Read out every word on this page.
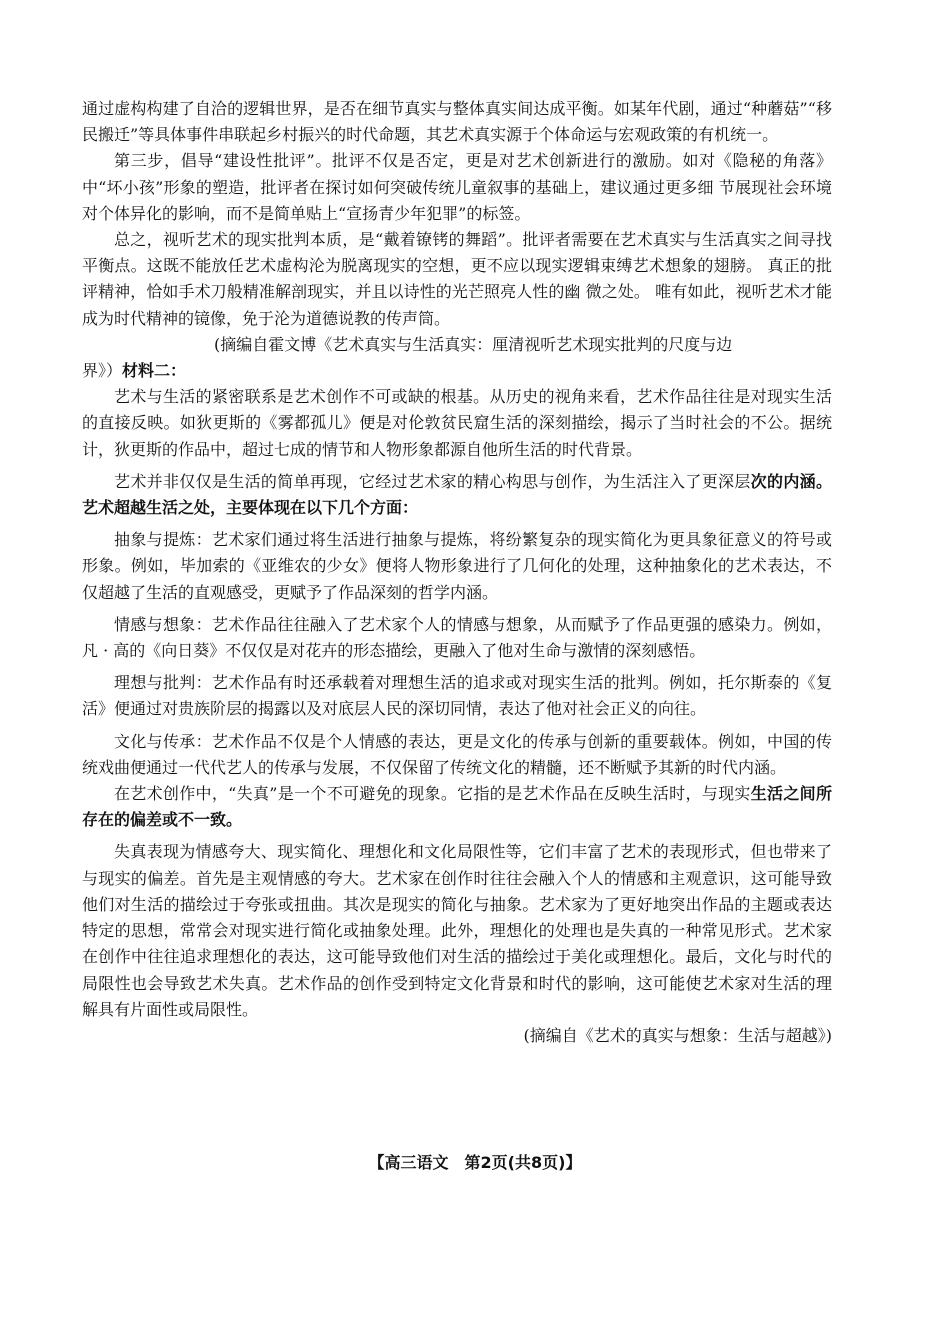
通过虚构构建了自洽的逻辑世界，是否在细节真实与整体真实间达成平衡。如某年代剧，通过“种蘑菇”“移民搬迁”等具体事件串联起乡村振兴的时代命题，其艺术真实源于个体命运与宏观政策的有机统一。

第三步，倡导“建设性批评”。批评不仅是否定，更是对艺术创新进行的激励。如对《隐秘的角落》中“坏小孩”形象的塑造，批评者在探讨如何突破传统儿童叙事的基础上，建议通过更多细 节展现社会环境对个体异化的影响，而不是简单贴上“宣扬青少年犯罪”的标签。

总之，视听艺术的现实批判本质，是“戴着镣铐的舞蹈”。批评者需要在艺术真实与生活真实之间寻找平衡点。这既不能放任艺术虚构沦为脱离现实的空想，更不应以现实逻辑束缚艺术想象的翅膀。 真正的批评精神，恰如手术刀般精准解剖现实，并且以诗性的光芒照亮人性的幽 微之处。 唯有如此，视听艺术才能成为时代精神的镜像，免于沦为道德说教的传声筒。

(摘编自霍文博《艺术真实与生活真实：厘清视听艺术现实批判的尺度与边

界》）材料二：

艺术与生活的紧密联系是艺术创作不可或缺的根基。从历史的视角来看，艺术作品往往是对现实生活的直接反映。如狄更斯的《雾都孤儿》便是对伦敦贫民窟生活的深刻描绘，揭示了当时社会的不公。据统计，狄更斯的作品中，超过七成的情节和人物形象都源自他所生活的时代背景。

艺术并非仅仅是生活的简单再现，它经过艺术家的精心构思与创作，为生活注入了更深层次的内涵。艺术超越生活之处，主要体现在以下几个方面：

抽象与提炼：艺术家们通过将生活进行抽象与提炼，将纷繁复杂的现实简化为更具象征意义的符号或形象。例如，毕加索的《亚维农的少女》便将人物形象进行了几何化的处理，这种抽象化的艺术表达，不仅超越了生活的直观感受，更赋予了作品深刻的哲学内涵。

情感与想象：艺术作品往往融入了艺术家个人的情感与想象，从而赋予了作品更强的感染力。例如，凡 · 高的《向日葵》不仅仅是对花卉的形态描绘，更融入了他对生命与激情的深刻感悟。

理想与批判：艺术作品有时还承载着对理想生活的追求或对现实生活的批判。例如，托尔斯泰的《复活》便通过对贵族阶层的揭露以及对底层人民的深切同情，表达了他对社会正义的向往。

文化与传承：艺术作品不仅是个人情感的表达，更是文化的传承与创新的重要载体。例如，中国的传统戏曲便通过一代代艺人的传承与发展，不仅保留了传统文化的精髓，还不断赋予其新的时代内涵。

在艺术创作中，“失真”是一个不可避免的现象。它指的是艺术作品在反映生活时，与现实生活之间所存在的偏差或不一致。

失真表现为情感夸大、现实简化、理想化和文化局限性等，它们丰富了艺术的表现形式，但也带来了与现实的偏差。首先是主观情感的夸大。艺术家在创作时往往会融入个人的情感和主观意识，这可能导致他们对生活的描绘过于夸张或扭曲。其次是现实的简化与抽象。艺术家为了更好地突出作品的主题或表达特定的思想，常常会对现实进行简化或抽象处理。此外，理想化的处理也是失真的一种常见形式。艺术家在创作中往往追求理想化的表达，这可能导致他们对生活的描绘过于美化或理想化。最后，文化与时代的局限性也会导致艺术失真。艺术作品的创作受到特定文化背景和时代的影响，这可能使艺术家对生活的理解具有片面性或局限性。

(摘编自《艺术的真实与想象：生活与超越》)

【高三语文　第2页(共8页)】
